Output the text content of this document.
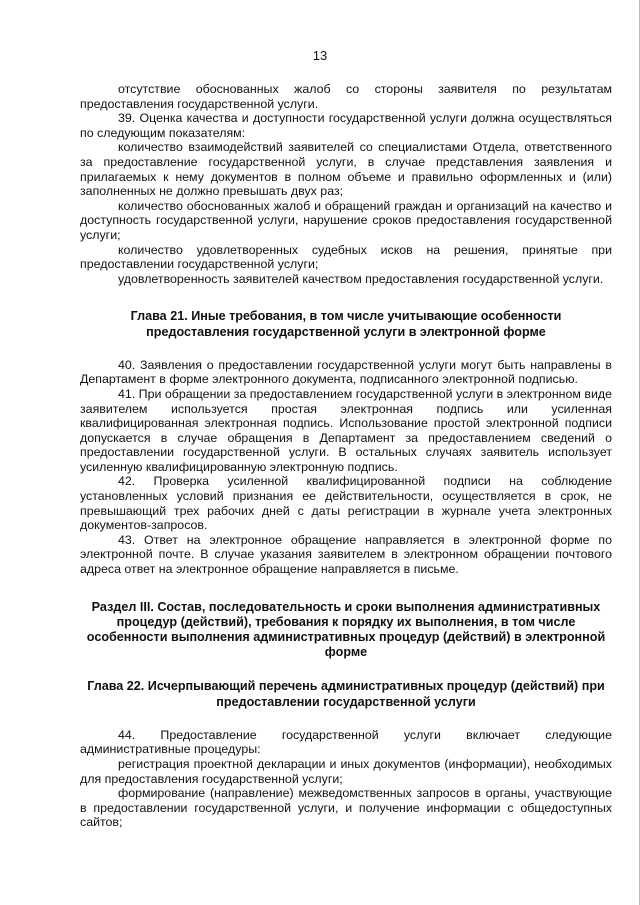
13

отсутствие обоснованных жалоб со стороны заявителя по результатам предоставления государственной услуги.

39. Оценка качества и доступности государственной услуги должна осуществляться по следующим показателям:

количество взаимодействий заявителей со специалистами Отдела, ответственного за предоставление государственной услуги, в случае представления заявления и прилагаемых к нему документов в полном объеме и правильно оформленных и (или) заполненных не должно превышать двух раз;

количество обоснованных жалоб и обращений граждан и организаций на качество и доступность государственной услуги, нарушение сроков предоставления государственной услуги;

количество удовлетворенных судебных исков на решения, принятые при предоставлении государственной услуги;

удовлетворенность заявителей качеством предоставления государственной услуги.

Глава 21. Иные требования, в том числе учитывающие особенности предоставления государственной услуги в электронной форме

40. Заявления о предоставлении государственной услуги могут быть направлены в Департамент в форме электронного документа, подписанного электронной подписью.

41. При обращении за предоставлением государственной услуги в электронном виде заявителем используется простая электронная подпись или усиленная квалифицированная электронная подпись. Использование простой электронной подписи допускается в случае обращения в Департамент за предоставлением сведений о предоставлении государственной услуги. В остальных случаях заявитель использует усиленную квалифицированную электронную подпись.

42. Проверка усиленной квалифицированной подписи на соблюдение установленных условий признания ее действительности, осуществляется в срок, не превышающий трех рабочих дней с даты регистрации в журнале учета электронных документов-запросов.

43. Ответ на электронное обращение направляется в электронной форме по электронной почте. В случае указания заявителем в электронном обращении почтового адреса ответ на электронное обращение направляется в письме.

Раздел III. Состав, последовательность и сроки выполнения административных процедур (действий), требования к порядку их выполнения, в том числе особенности выполнения административных процедур (действий) в электронной форме
Глава 22. Исчерпывающий перечень административных процедур (действий) при предоставлении государственной услуги

44. Предоставление государственной услуги включает следующие административные процедуры:

регистрация проектной декларации и иных документов (информации), необходимых для предоставления государственной услуги;

формирование (направление) межведомственных запросов в органы, участвующие в предоставлении государственной услуги, и получение информации с общедоступных сайтов;
